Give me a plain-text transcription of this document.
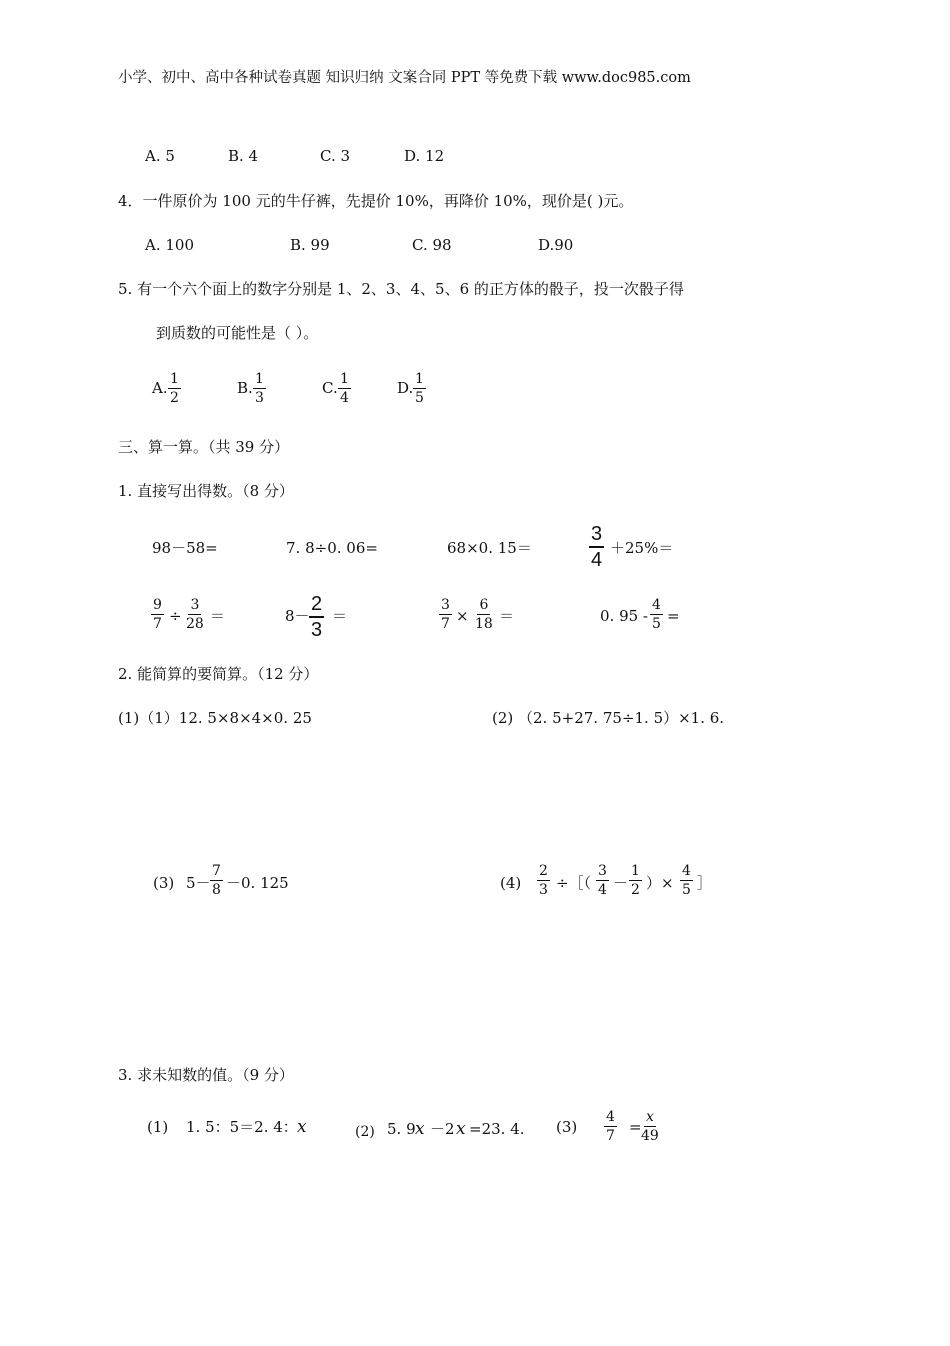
小学、初中、高中各种试卷真题 知识归纳 文案合同 PPT 等免费下载 www.doc985.com
A. 5	B. 4	C. 3	D. 12
4．一件原价为 100 元的牛仔裤，先提价 10%，再降价 10%，现价是( )元。
A. 100	B. 99	C. 98	D.90
5. 有一个六个面上的数字分别是 1、2、3、4、5、6 的正方体的骰子，投一次骰子得
到质数的可能性是（ ）。
A. $\frac{1}{2}$	B. $\frac{1}{3}$	C. $\frac{1}{4}$	D. $\frac{1}{5}$
三、算一算。（共 39 分）
1. 直接写出得数。（8 分）
98－58=	7. 8÷0. 06=	68×0. 15＝	$\frac{3}{4} +25\%=$
$\frac{9}{7} \div \frac{3}{28}$ ＝	$8- \frac{2}{3}$ ＝	$\frac{3}{7} \times \frac{6}{18}$ ＝	0. $95 - \frac{4}{5}$ =
2. 能简算的要简算。（12 分）
(1)（1）12. 5×8×4×0. 25	(2) （2. 5+27. 75÷1. 5）×1. 6.
(3) $5- \frac{7}{8} -0$. 125	$(4) \frac{2}{3}$ ÷［（ $\frac{3}{4} - \frac{1}{2}$ ）× $\frac{4}{5}$ ］
3. 求未知数的值。（9 分）
(1) 1. 5：5＝2. 4： x	(2) 5. 9 x －2 x =23. 4. $(3) \frac{4}{7}$ =
$\frac{x}{49}$
